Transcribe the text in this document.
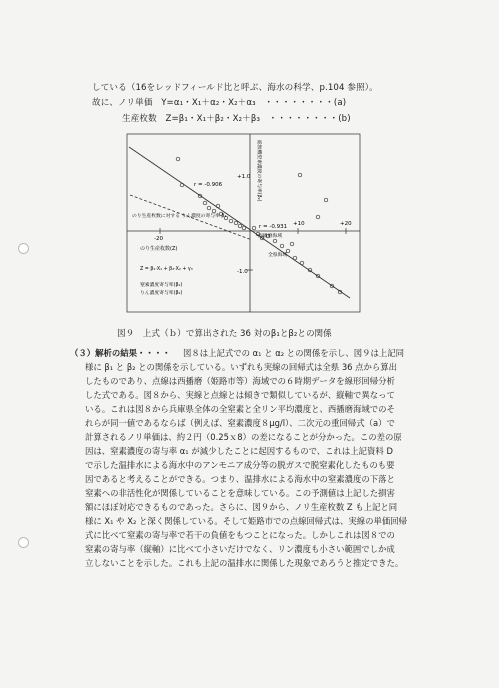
している（16をレッドフィールド比と呼ぶ、海水の科学、p.104 参照）。
故に、ノリ単価　Y=α₁・X₁＋α₂・X₂＋α₃　・・・・・・・・(a)
生産枚数　Z=β₁・X₁＋β₂・X₂＋β₃　・・・・・・・・(b)
r = -0.906
r = -0.931
-20
+10	+20
-1.0
+1.0
のり生産枚数に対する りん濃度の寄与率 β₁
総無機窒素濃度の寄与率(β₂)
西播磨海域
全県海域
のり生産枚数(Z)
Z = β₁·X₁ + β₂·X₂ + γ₃
窒素濃度寄与率(β₁)
りん濃度寄与率(β₂)
図９　上式（ｂ）で算出された 36 対のβ₁とβ₂との関係
（３）解析の結果・・・・ 図８は上記式での α₁ と α₂ との関係を示し、図９は上記同
様に β₁ と β₂ との関係を示している。いずれも実線の回帰式は全県 36 点から算出
したものであり、点線は西播磨（姫路市等）海域での６時期データを線形回帰分析
した式である。図８から、実線と点線とは傾きで類似しているが、縦軸で異なって
いる。これは図８から兵庫県全体の全窒素と全リン平均濃度と、西播磨海域でのそ
れらが同一値であるならば（例えば、窒素濃度８μg/l）、二次元の重回帰式（a）で
計算されるノリ単価は、約２円（0.25ｘ8）の差になることが分かった。この差の原
因は、窒素濃度の寄与率 α₁ が減少したことに起因するもので、これは上記資料 D
で示した温排水による海水中のアンモニア成分等の脱ガスで脱窒素化したものも要
因であると考えることができる。つまり、温排水による海水中の窒素濃度の下落と
窒素への非活性化が関係していることを意味している。この予測値は上記した損害
額にほぼ対応できるものであった。さらに、図９から、ノリ生産枚数 Z も上記と同
様に X₁ や X₂ と深く関係している。そして姫路市での点線回帰式は、実線の単価回帰
式に比べて窒素の寄与率で若干の負値をもつことになった。しかしこれは図８での
窒素の寄与率（縦軸）に比べて小さいだけでなく、リン濃度も小さい範囲でしか成
立しないことを示した。これも上記の温排水に関係した現象であろうと推定できた。
